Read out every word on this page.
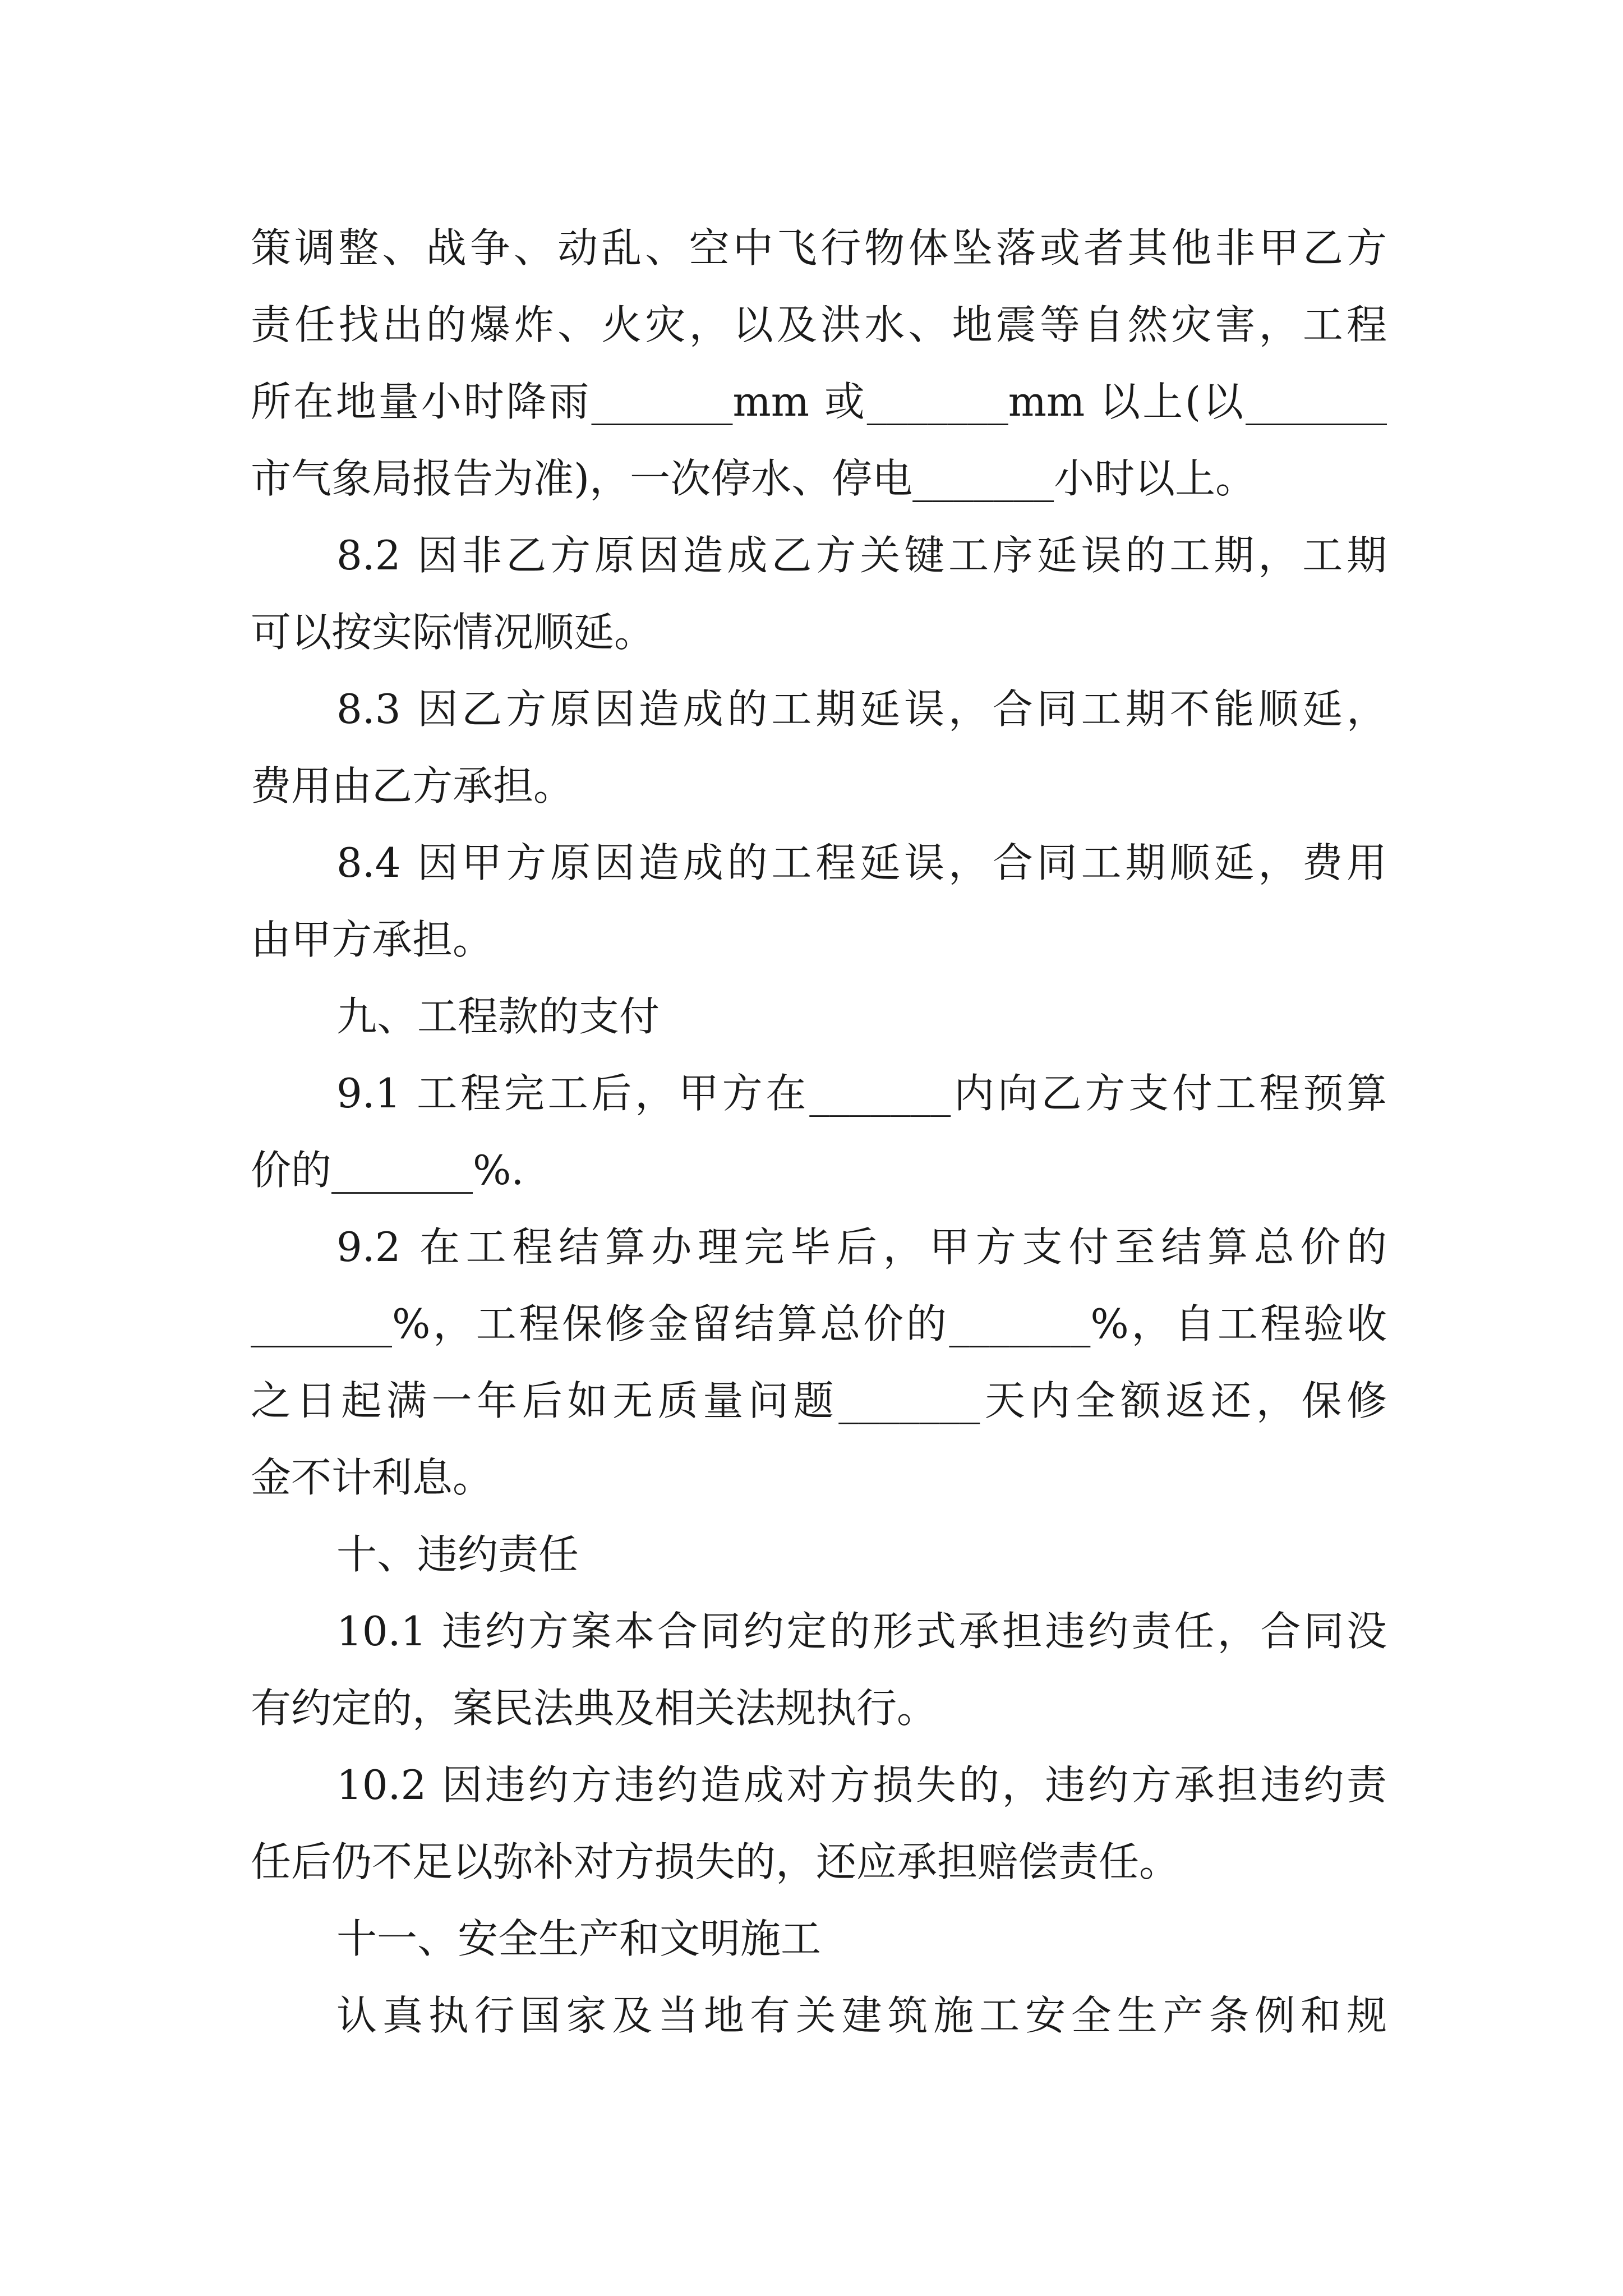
策调整、战争、动乱、空中飞行物体坠落或者其他非甲乙方
责任找出的爆炸、火灾，以及洪水、地震等自然灾害，工程
所在地量小时降雨_______mm 或_______mm 以上(以_______
市气象局报告为准)，一次停水、停电_______小时以上。
8.2 因非乙方原因造成乙方关键工序延误的工期，工期
可以按实际情况顺延。
8.3 因乙方原因造成的工期延误，合同工期不能顺延，
费用由乙方承担。
8.4 因甲方原因造成的工程延误，合同工期顺延，费用
由甲方承担。
九、工程款的支付
9.1 工程完工后，甲方在_______内向乙方支付工程预算
价的_______%.
9.2 在工程结算办理完毕后，甲方支付至结算总价的
_______%，工程保修金留结算总价的_______%，自工程验收
之日起满一年后如无质量问题_______天内全额返还，保修
金不计利息。
十、违约责任
10.1 违约方案本合同约定的形式承担违约责任，合同没
有约定的，案民法典及相关法规执行。
10.2 因违约方违约造成对方损失的，违约方承担违约责
任后仍不足以弥补对方损失的，还应承担赔偿责任。
十一、安全生产和文明施工
认真执行国家及当地有关建筑施工安全生产条例和规
